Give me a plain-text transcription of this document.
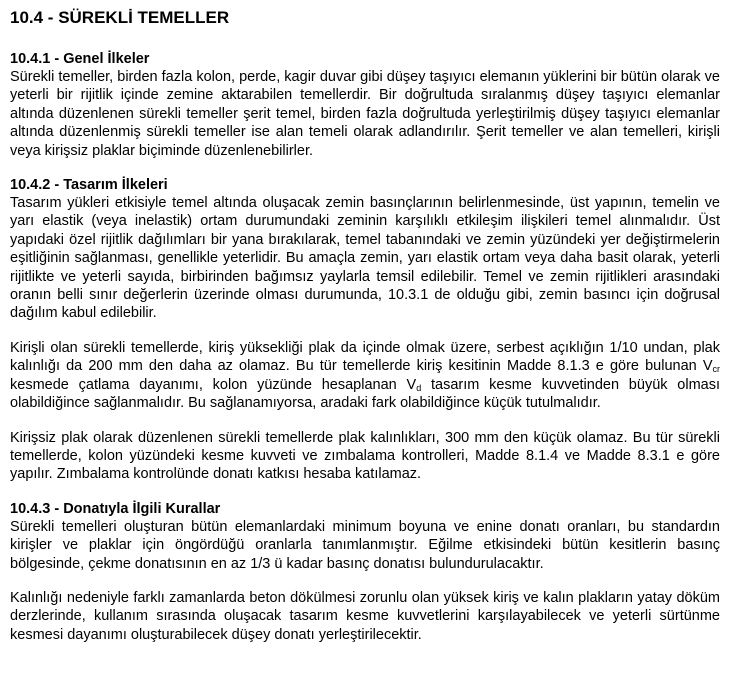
10.4 - SÜREKLİ TEMELLER
10.4.1 - Genel İlkeler

Sürekli temeller, birden fazla kolon, perde, kagir duvar gibi düşey taşıyıcı elemanın yüklerini bir bütün olarak ve yeterli bir rijitlik içinde zemine aktarabilen temellerdir. Bir doğrultuda sıralanmış düşey taşıyıcı elemanlar altında düzenlenen sürekli temeller şerit temel, birden fazla doğrultuda yerleştirilmiş düşey taşıyıcı elemanlar altında düzenlenmiş sürekli temeller ise alan temeli olarak adlandırılır. Şerit temeller ve alan temelleri, kirişli veya kirişsiz plaklar biçiminde düzenlenebilirler.

10.4.2 - Tasarım İlkeleri

Tasarım yükleri etkisiyle temel altında oluşacak zemin basınçlarının belirlenmesinde, üst yapının, temelin ve yarı elastik (veya inelastik) ortam durumundaki zeminin karşılıklı etkileşim ilişkileri temel alınmalıdır. Üst yapıdaki özel rijitlik dağılımları bir yana bırakılarak, temel tabanındaki ve zemin yüzündeki yer değiştirmelerin eşitliğinin sağlanması, genellikle yeterlidir. Bu amaçla zemin, yarı elastik ortam veya daha basit olarak, yeterli rijitlikte ve yeterli sayıda, birbirinden bağımsız yaylarla temsil edilebilir. Temel ve zemin rijitlikleri arasındaki oranın belli sınır değerlerin üzerinde olması durumunda, 10.3.1 de olduğu gibi, zemin basıncı için doğrusal dağılım kabul edilebilir.

Kirişli olan sürekli temellerde, kiriş yüksekliği plak da içinde olmak üzere, serbest açıklığın 1/10 undan, plak kalınlığı da 200 mm den daha az olamaz. Bu tür temellerde kiriş kesitinin Madde 8.1.3 e göre bulunan $V_{cr}$ kesmede çatlama dayanımı, kolon yüzünde hesaplanan $V_d$ tasarım kesme kuvvetinden büyük olması olabildiğince sağlanmalıdır. Bu sağlanamıyorsa, aradaki fark olabildiğince küçük tutulmalıdır.

Kirişsiz plak olarak düzenlenen sürekli temellerde plak kalınlıkları, 300 mm den küçük olamaz. Bu tür sürekli temellerde, kolon yüzündeki kesme kuvveti ve zımbalama kontrolleri, Madde 8.1.4 ve Madde 8.3.1 e göre yapılır. Zımbalama kontrolünde donatı katkısı hesaba katılamaz.

10.4.3 - Donatıyla İlgili Kurallar

Sürekli temelleri oluşturan bütün elemanlardaki minimum boyuna ve enine donatı oranları, bu standardın kirişler ve plaklar için öngördüğü oranlarla tanımlanmıştır. Eğilme etkisindeki bütün kesitlerin basınç bölgesinde, çekme donatısının en az 1/3 ü kadar basınç donatısı bulundurulacaktır.

Kalınlığı nedeniyle farklı zamanlarda beton dökülmesi zorunlu olan yüksek kiriş ve kalın plakların yatay döküm derzlerinde, kullanım sırasında oluşacak tasarım kesme kuvvetlerini karşılayabilecek ve yeterli sürtünme kesmesi dayanımı oluşturabilecek düşey donatı yerleştirilecektir.
